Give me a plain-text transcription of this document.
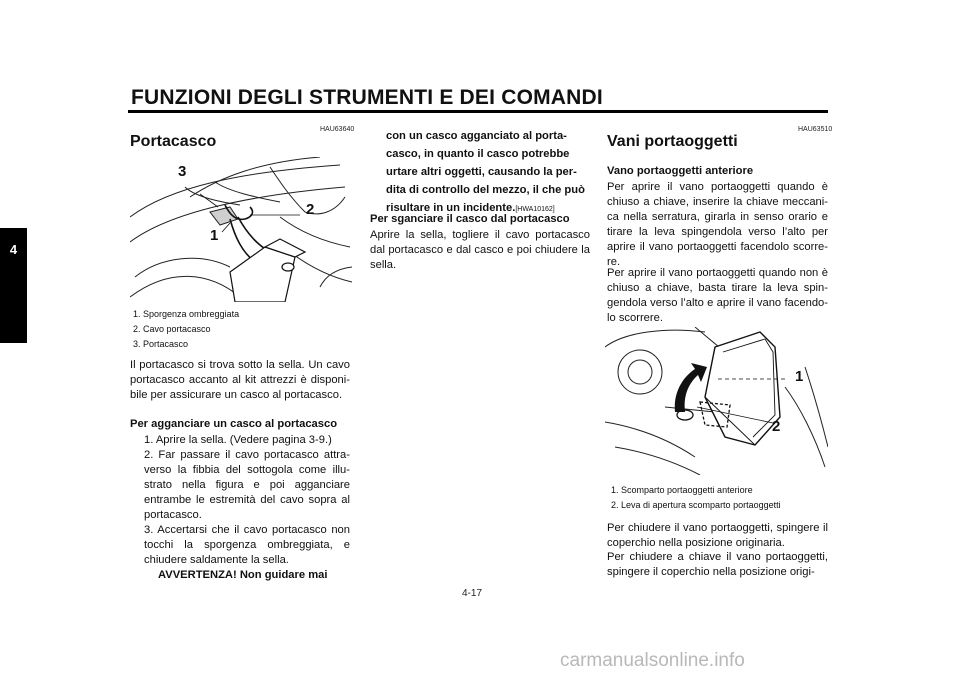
FUNZIONI DEGLI STRUMENTI E DEI COMANDI
4
HAU63640
Portacasco
3
2
1
1. Sporgenza ombreggiata
2. Cavo portacasco
3. Portacasco
Il portacasco si trova sotto la sella. Un cavo portacasco accanto al kit attrezzi è disponi-bile per assicurare un casco al portacasco.
Per agganciare un casco al portacasco
1. Aprire la sella. (Vedere pagina 3-9.)
2. Far passare il cavo portacasco attra-verso la fibbia del sottogola come illu-strato nella figura e poi agganciare entrambe le estremità del cavo sopra al portacasco.
3. Accertarsi che il cavo portacasco non tocchi la sporgenza ombreggiata, e chiudere saldamente la sella.
AVVERTENZA! Non guidare mai
con un casco agganciato al porta-casco, in quanto il casco potrebbe urtare altri oggetti, causando la per-dita di controllo del mezzo, il che può risultare in un incidente.[HWA10162]
Per sganciare il casco dal portacasco
Aprire la sella, togliere il cavo portacasco dal portacasco e dal casco e poi chiudere la sella.
HAU63510
Vani portaoggetti
Vano portaoggetti anteriore
Per aprire il vano portaoggetti quando è chiuso a chiave, inserire la chiave meccani-ca nella serratura, girarla in senso orario e tirare la leva spingendola verso l’alto per aprire il vano portaoggetti facendolo scorre-re.
Per aprire il vano portaoggetti quando non è chiuso a chiave, basta tirare la leva spin-gendola verso l’alto e aprire il vano facendo-lo scorrere.
1
2
1. Scomparto portaoggetti anteriore
2. Leva di apertura scomparto portaoggetti
Per chiudere il vano portaoggetti, spingere il coperchio nella posizione originaria.
Per chiudere a chiave il vano portaoggetti, spingere il coperchio nella posizione origi-
4-17
carmanualsonline.info
